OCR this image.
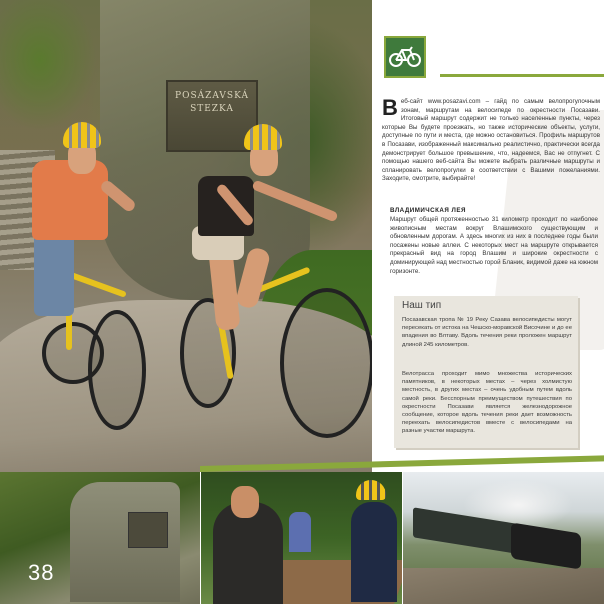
POSÁZAVSKÁ
STEZKA	В еб-сайт www.posazavi.com – гайд по самым велопрогулочным зонам, маршрутам на велосипеде по окрестности Посазави. Итоговый маршрут содержит не только населенные пункты, через которые Вы будете проезжать, но также исторические объекты, услуги, доступные по пути и места, где можно остановиться. Профиль маршрутов в Посазави, изображенный максимально реалистично, практически всегда демонстрирует большое превышение, что, надеемся, Вас не отпугнет. С помощью нашего веб-сайта Вы можете выбрать различные маршруты и спланировать велопрогулки в соответствии с Вашими пожеланиями. Заходите, смотрите, выбирайте!
ВЛАДИМИЧСКАЯ ЛЕЯ
Маршрут общей протяженностью 31 километр проходит по наиболее живописным местам вокруг Влашимского существующим и обновленным дорогам. А здесь многих из них в последнее годы были посажены новые аллеи. С некоторых мест на маршруте открывается прекрасный вид на город Влашим и широкие окрестности с доминирующей над местностью горой Бланик, видимой даже на южном горизонте.
Наш тип
Посазавская тропа № 19 Реку Сазава велосипедисты могут пересекать от истока на Чешско-моравской Височине и до ее впадения во Влтаву. Вдоль течения реки проложен маршрут длиной 245 километров.
Велотрасса проходит мимо множества исторических памятников, в некоторых местах – через холмистую местность, в других местах – очень удобным путем вдоль самой реки. Бесспорным преимуществом путешествия по окрестности Посазави является железнодорожное сообщение, которое вдоль течения реки дает возможность переехать велосипедистов вместе с велосипедами на разные участки маршрута.
38
